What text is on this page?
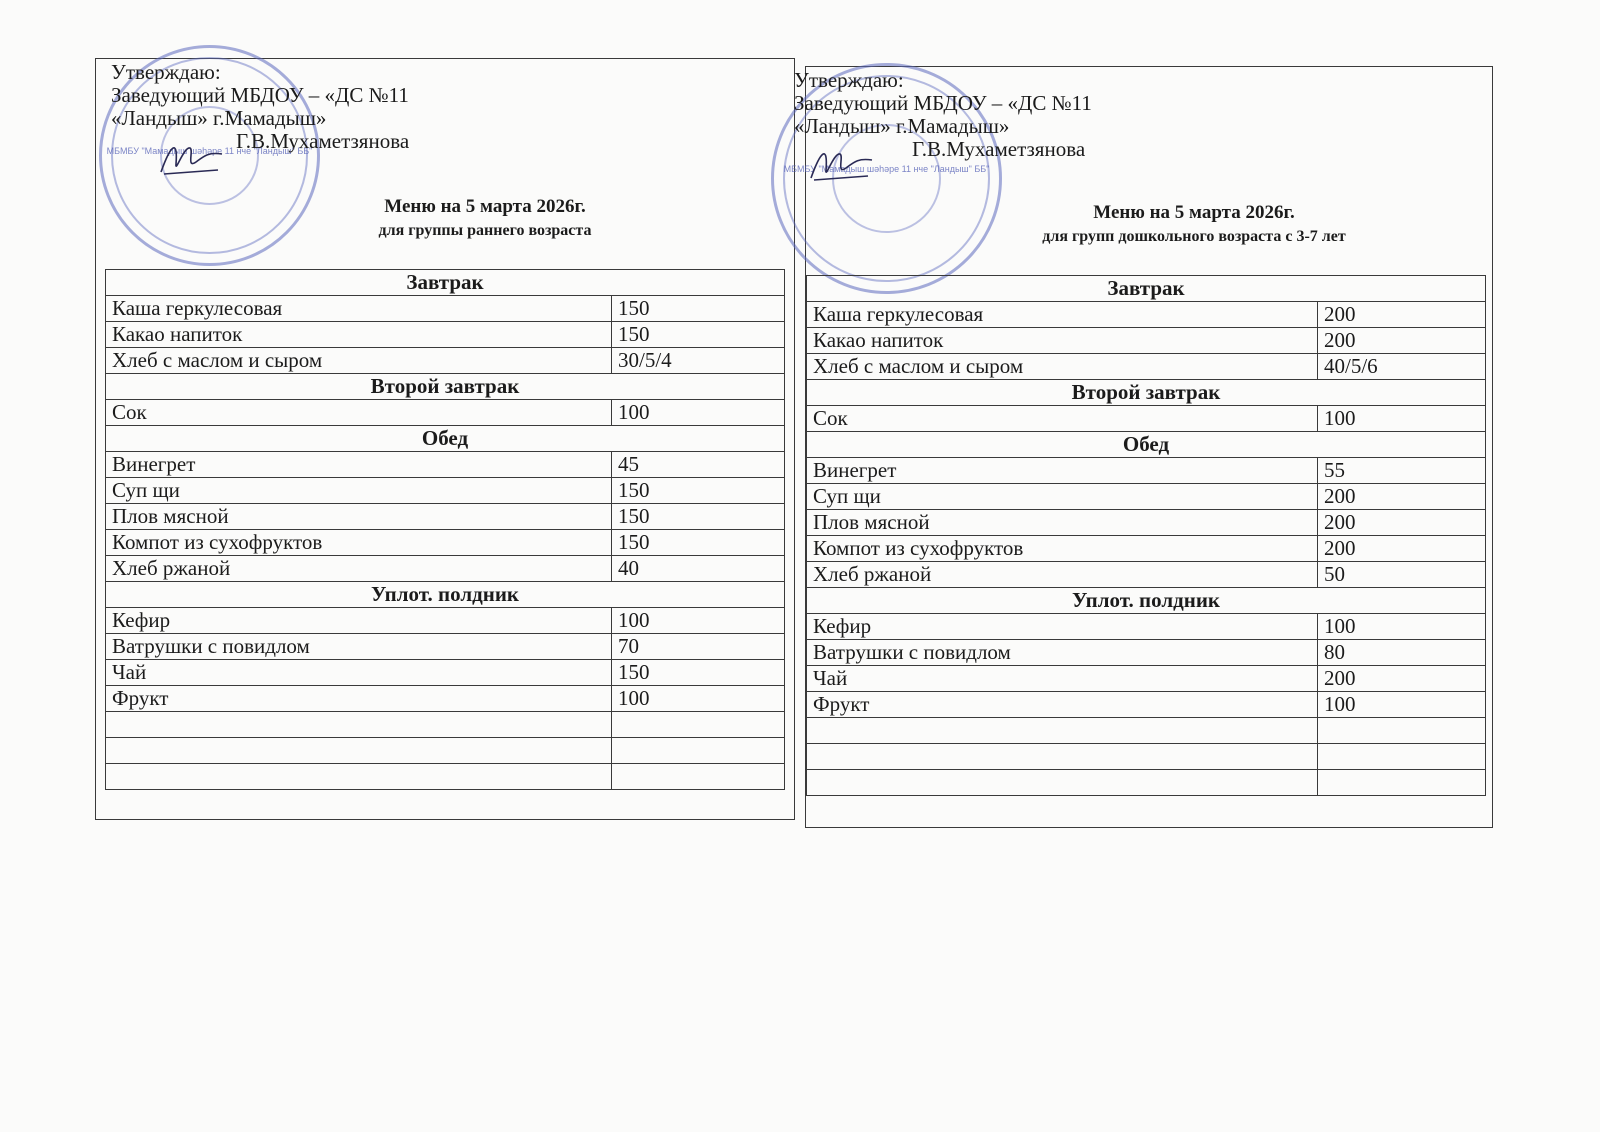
МБМБУ "Мамадыш шәһәре 11 нче "Ландыш" ББ"
Утверждаю:
Заведующий МБДОУ – «ДС №11
«Ландыш» г.Мамадыш»
Г.В.Мухаметзянова
Меню на 5 марта 2026г.
для группы раннего возраста
Завтрак	
Каша геркулесовая	150
Какао напиток	150
Хлеб с маслом и сыром	30/5/4
Второй завтрак	
Сок	100
Обед	
Винегрет	45
Суп щи	150
Плов мясной	150
Компот из сухофруктов	150
Хлеб ржаной	40
Уплот. полдник	
Кефир	100
Ватрушки с повидлом	70
Чай	150
Фрукт	100

МБМБУ "Мамадыш шәһәре 11 нче "Ландыш" ББ"
Утверждаю:
Заведующий МБДОУ – «ДС №11
«Ландыш» г.Мамадыш»
Г.В.Мухаметзянова
Меню на 5 марта 2026г.
для групп дошкольного возраста с 3-7 лет
Завтрак	
Каша геркулесовая	200
Какао напиток	200
Хлеб с маслом и сыром	40/5/6
Второй завтрак	
Сок	100
Обед	
Винегрет	55
Суп щи	200
Плов мясной	200
Компот из сухофруктов	200
Хлеб ржаной	50
Уплот. полдник	
Кефир	100
Ватрушки с повидлом	80
Чай	200
Фрукт	100
